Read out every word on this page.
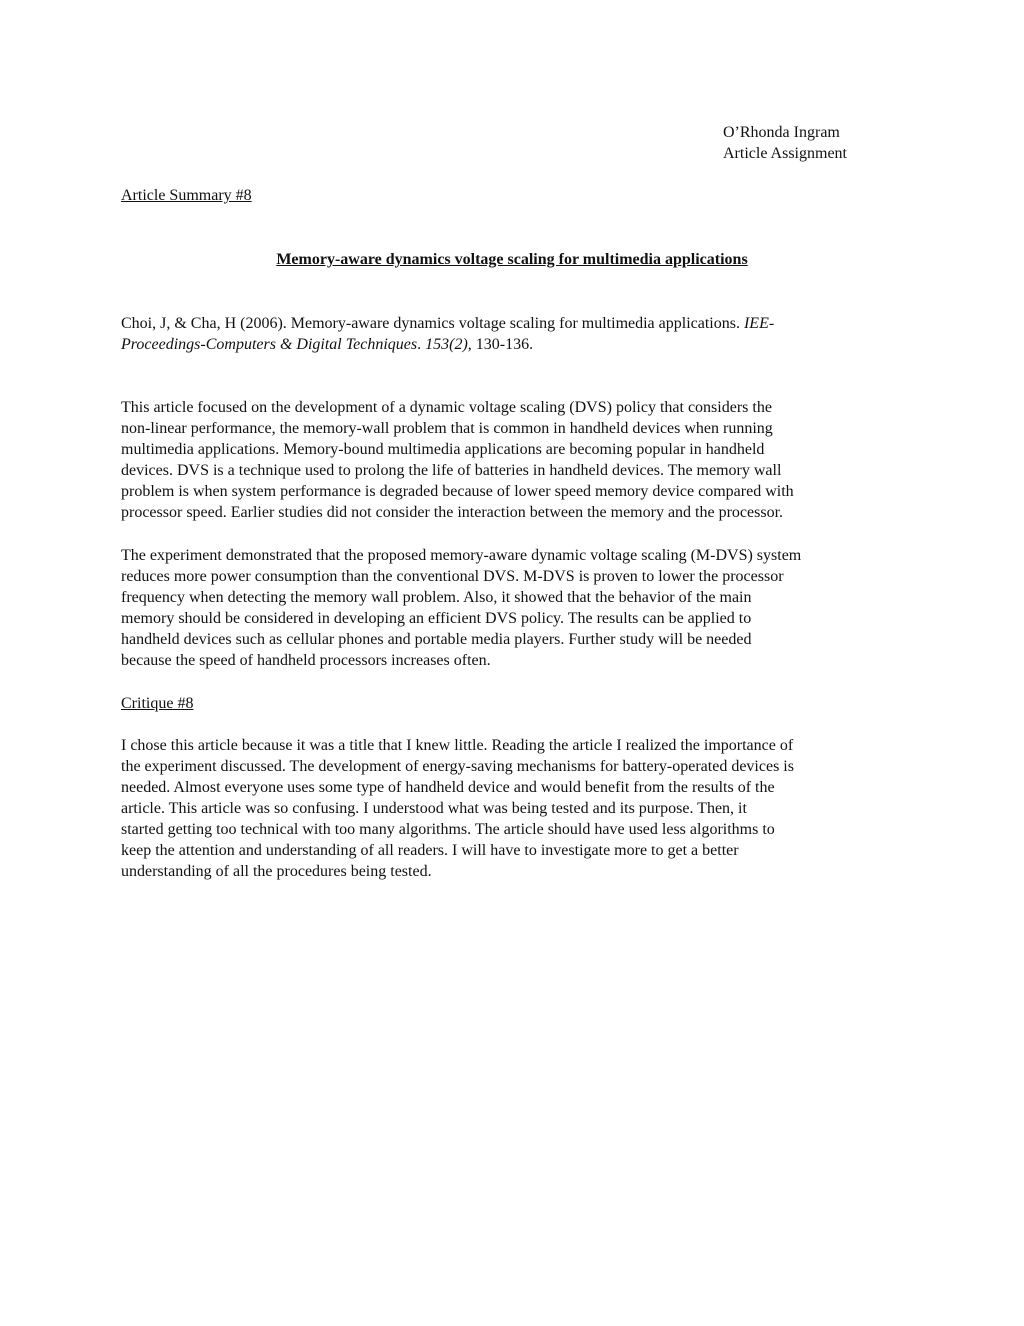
O’Rhonda Ingram
Article Assignment
Article Summary #8
Memory-aware dynamics voltage scaling for multimedia applications

Choi, J, & Cha, H (2006). Memory-aware dynamics voltage scaling for multimedia applications. IEE-
Proceedings-Computers & Digital Techniques. 153(2), 130-136.

This article focused on the development of a dynamic voltage scaling (DVS) policy that considers the
non-linear performance, the memory-wall problem that is common in handheld devices when running
multimedia applications. Memory-bound multimedia applications are becoming popular in handheld
devices. DVS is a technique used to prolong the life of batteries in handheld devices. The memory wall
problem is when system performance is degraded because of lower speed memory device compared with
processor speed. Earlier studies did not consider the interaction between the memory and the processor.

The experiment demonstrated that the proposed memory-aware dynamic voltage scaling (M-DVS) system
reduces more power consumption than the conventional DVS. M-DVS is proven to lower the processor
frequency when detecting the memory wall problem. Also, it showed that the behavior of the main
memory should be considered in developing an efficient DVS policy. The results can be applied to
handheld devices such as cellular phones and portable media players. Further study will be needed
because the speed of handheld processors increases often.

Critique #8

I chose this article because it was a title that I knew little. Reading the article I realized the importance of
the experiment discussed. The development of energy-saving mechanisms for battery-operated devices is
needed. Almost everyone uses some type of handheld device and would benefit from the results of the
article. This article was so confusing. I understood what was being tested and its purpose. Then, it
started getting too technical with too many algorithms. The article should have used less algorithms to
keep the attention and understanding of all readers. I will have to investigate more to get a better
understanding of all the procedures being tested.
